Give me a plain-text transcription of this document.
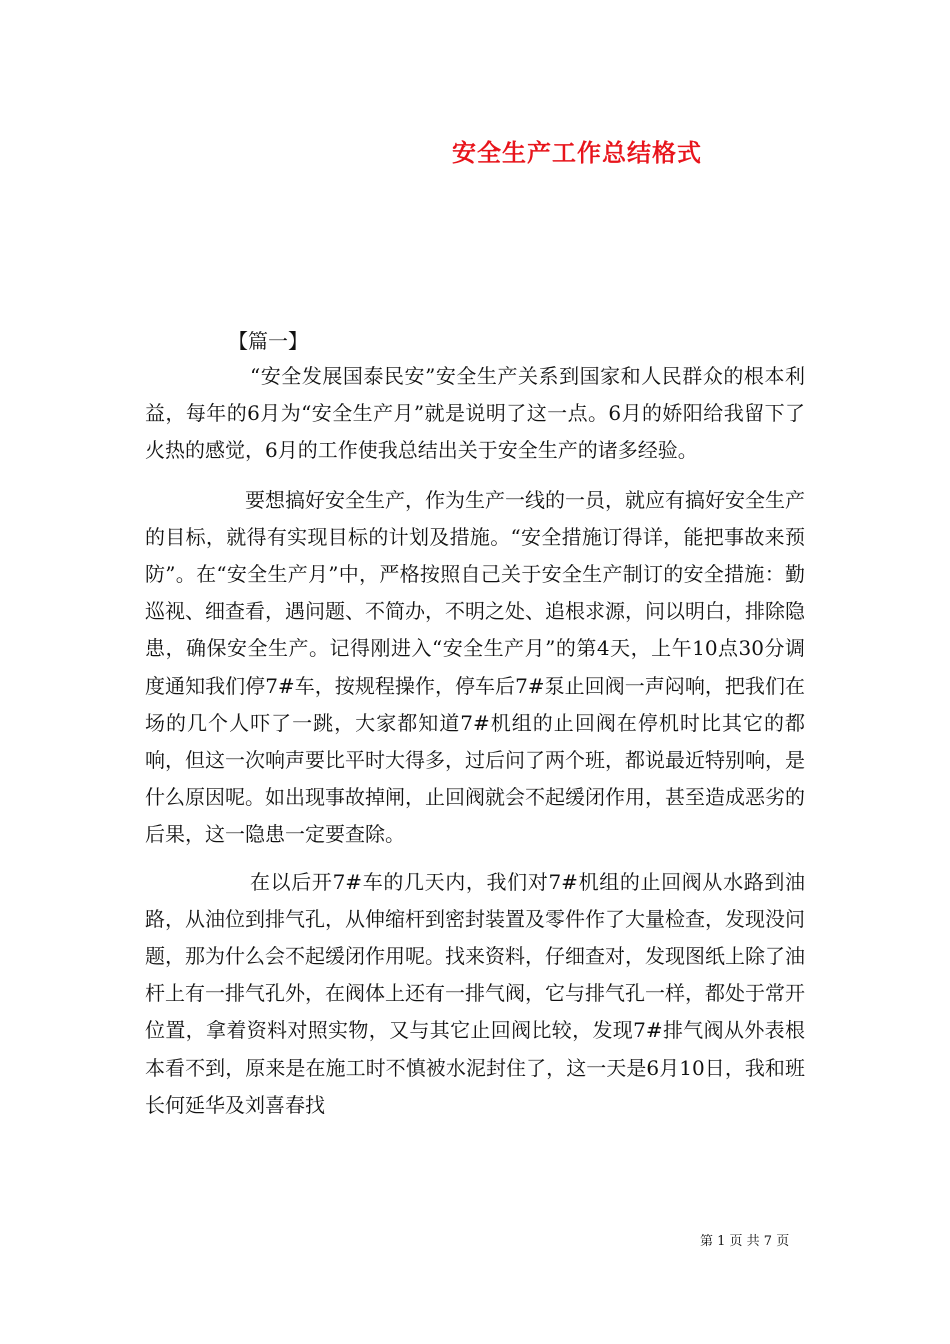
安全生产工作总结格式
【篇一】

“安全发展国泰民安”安全生产关系到国家和人民群众的根本利益，每年的6月为“安全生产月”就是说明了这一点。6月的娇阳给我留下了火热的感觉，6月的工作使我总结出关于安全生产的诸多经验。

要想搞好安全生产，作为生产一线的一员，就应有搞好安全生产的目标，就得有实现目标的计划及措施。“安全措施订得详，能把事故来预防”。在“安全生产月”中，严格按照自己关于安全生产制订的安全措施：勤巡视、细查看，遇问题、不简办，不明之处、追根求源，问以明白，排除隐患，确保安全生产。记得刚进入“安全生产月”的第4天，上午10点30分调度通知我们停7#车，按规程操作，停车后7#泵止回阀一声闷响，把我们在场的几个人吓了一跳，大家都知道7#机组的止回阀在停机时比其它的都响，但这一次响声要比平时大得多，过后问了两个班，都说最近特别响，是什么原因呢。如出现事故掉闸，止回阀就会不起缓闭作用，甚至造成恶劣的后果，这一隐患一定要查除。

在以后开7#车的几天内，我们对7#机组的止回阀从水路到油路，从油位到排气孔，从伸缩杆到密封装置及零件作了大量检查，发现没问题，那为什么会不起缓闭作用呢。找来资料，仔细查对，发现图纸上除了油杆上有一排气孔外，在阀体上还有一排气阀，它与排气孔一样，都处于常开位置，拿着资料对照实物，又与其它止回阀比较，发现7#排气阀从外表根本看不到，原来是在施工时不慎被水泥封住了，这一天是6月10日，我和班长何延华及刘喜春找

第 1 页 共 7 页
